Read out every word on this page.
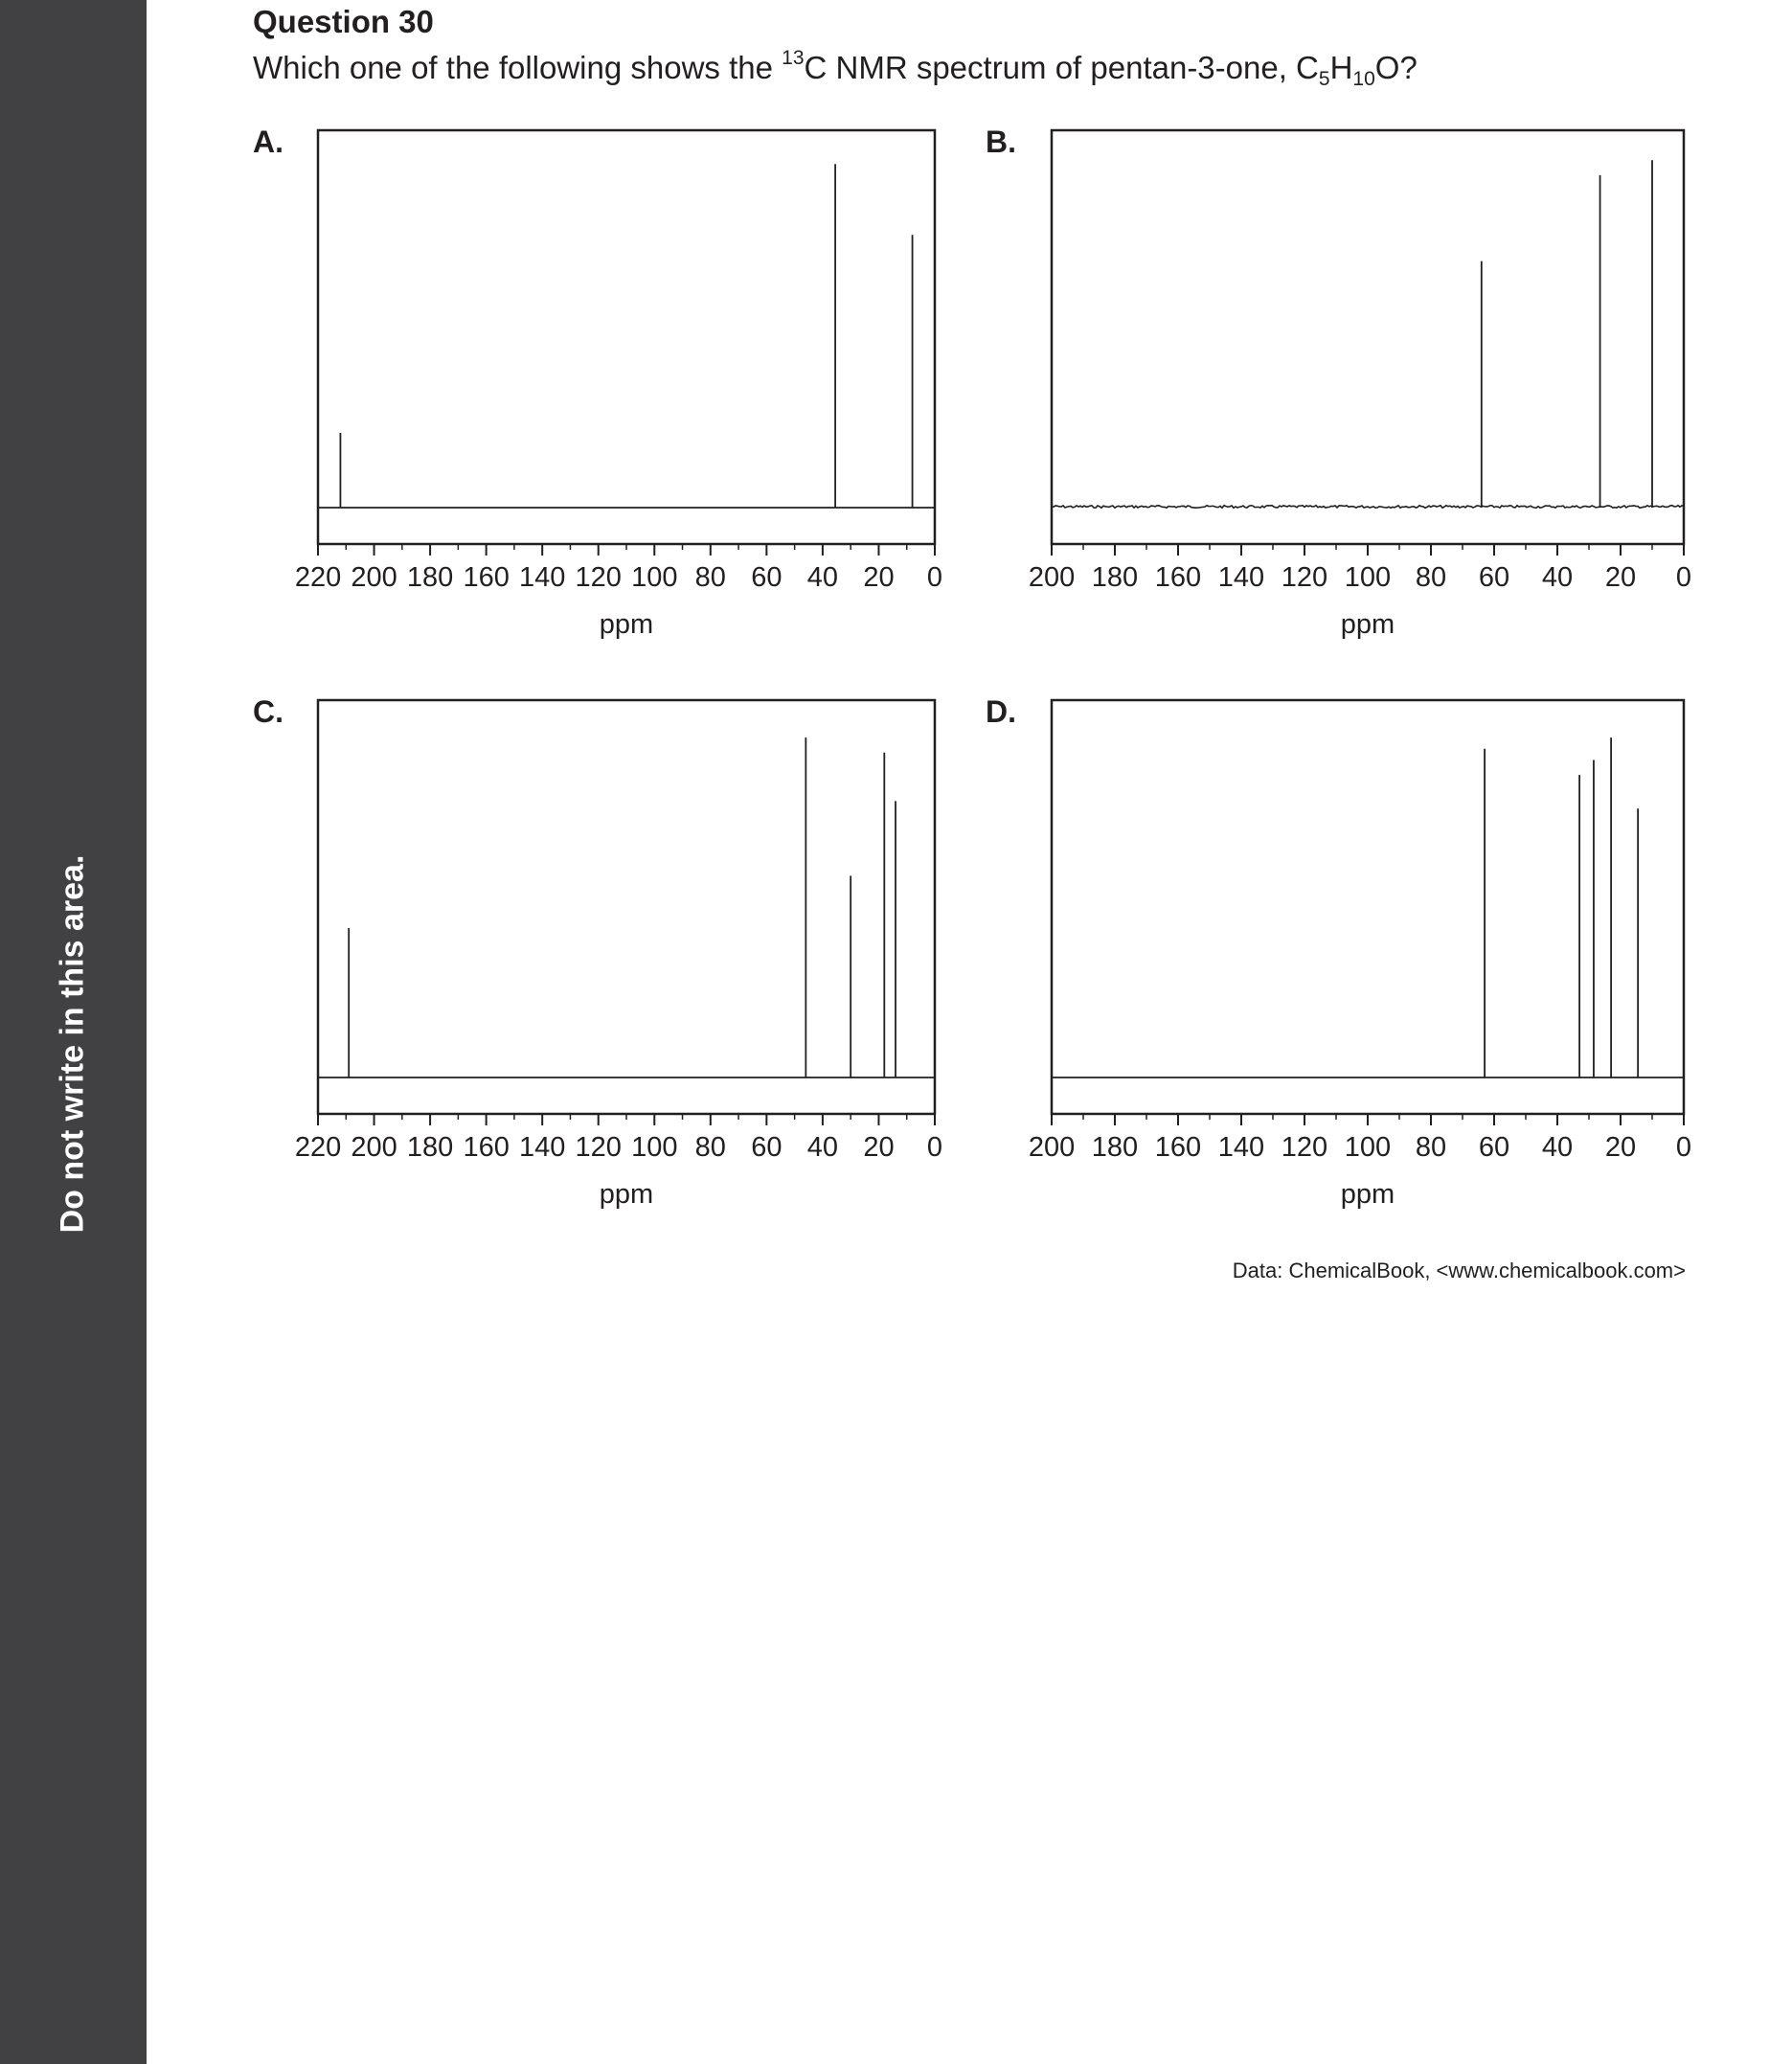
Do not write in this area.
Question 30
Which one of the following shows the $^{13}$C NMR spectrum of pentan-3-one, $C_5H_{10}O$?
A.
220 200 180 160 140 120 100 80 60 40 20 0
ppm
B.
200 180 160 140 120 100 80 60 40 20 0
ppm
C.
220 200 180 160 140 120 100 80 60 40 20 0
ppm
D.
200 180 160 140 120 100 80 60 40 20 0
ppm
Data: ChemicalBook, <www.chemicalbook.com>
